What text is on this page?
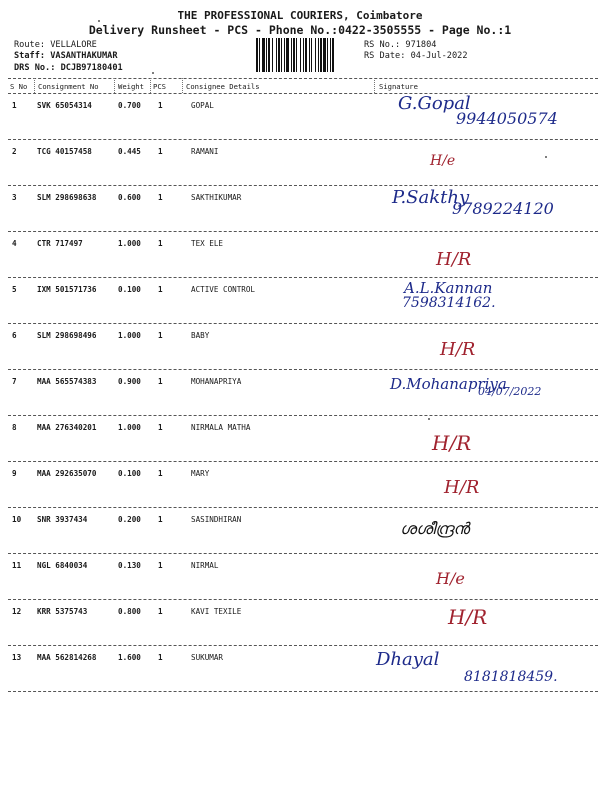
THE PROFESSIONAL COURIERS, Coimbatore
Delivery Runsheet - PCS - Phone No.:0422-3505555 - Page No.:1
Route: VELLALORE
Staff: VASANTHAKUMAR
DRS No.: DCJB97180401
RS No.: 971804
RS Date: 04-Jul-2022
S No Consignment No	Weight PCS	Consignee Details	Signature
1	SVK 65054314	0.700 1	GOPAL	G.Gopal
9944050574
2	TCG 40157458	0.445 1	RAMANI
H/e
3	SLM 298698638	0.600 1	SAKTHIKUMAR	P.Sakthy
9789224120
4	CTR 717497	1.000 1	TEX ELE
H/R
5	IXM 501571736	0.100 1	ACTIVE CONTROL	A.L.Kannan
7598314162.
6	SLM 298698496	1.000 1	BABY
H/R
7	MAA 565574383	0.900 1	MOHANAPRIYA	D.Mohanapriya
04/07/2022
8	MAA 276340201	1.000 1	NIRMALA MATHA
H/R
9	MAA 292635070	0.100 1	MARY
H/R
10 SNR 3937434	0.200 1	SASINDHIRAN	ശശീന്ദ്രൻ
11 NGL 6840034	0.130 1	NIRMAL
H/e
12 KRR 5375743	0.800 1	KAVI TEXILE	H/R
13 MAA 562814268	1.600 1	SUKUMAR	Dhayal
8181818459.
